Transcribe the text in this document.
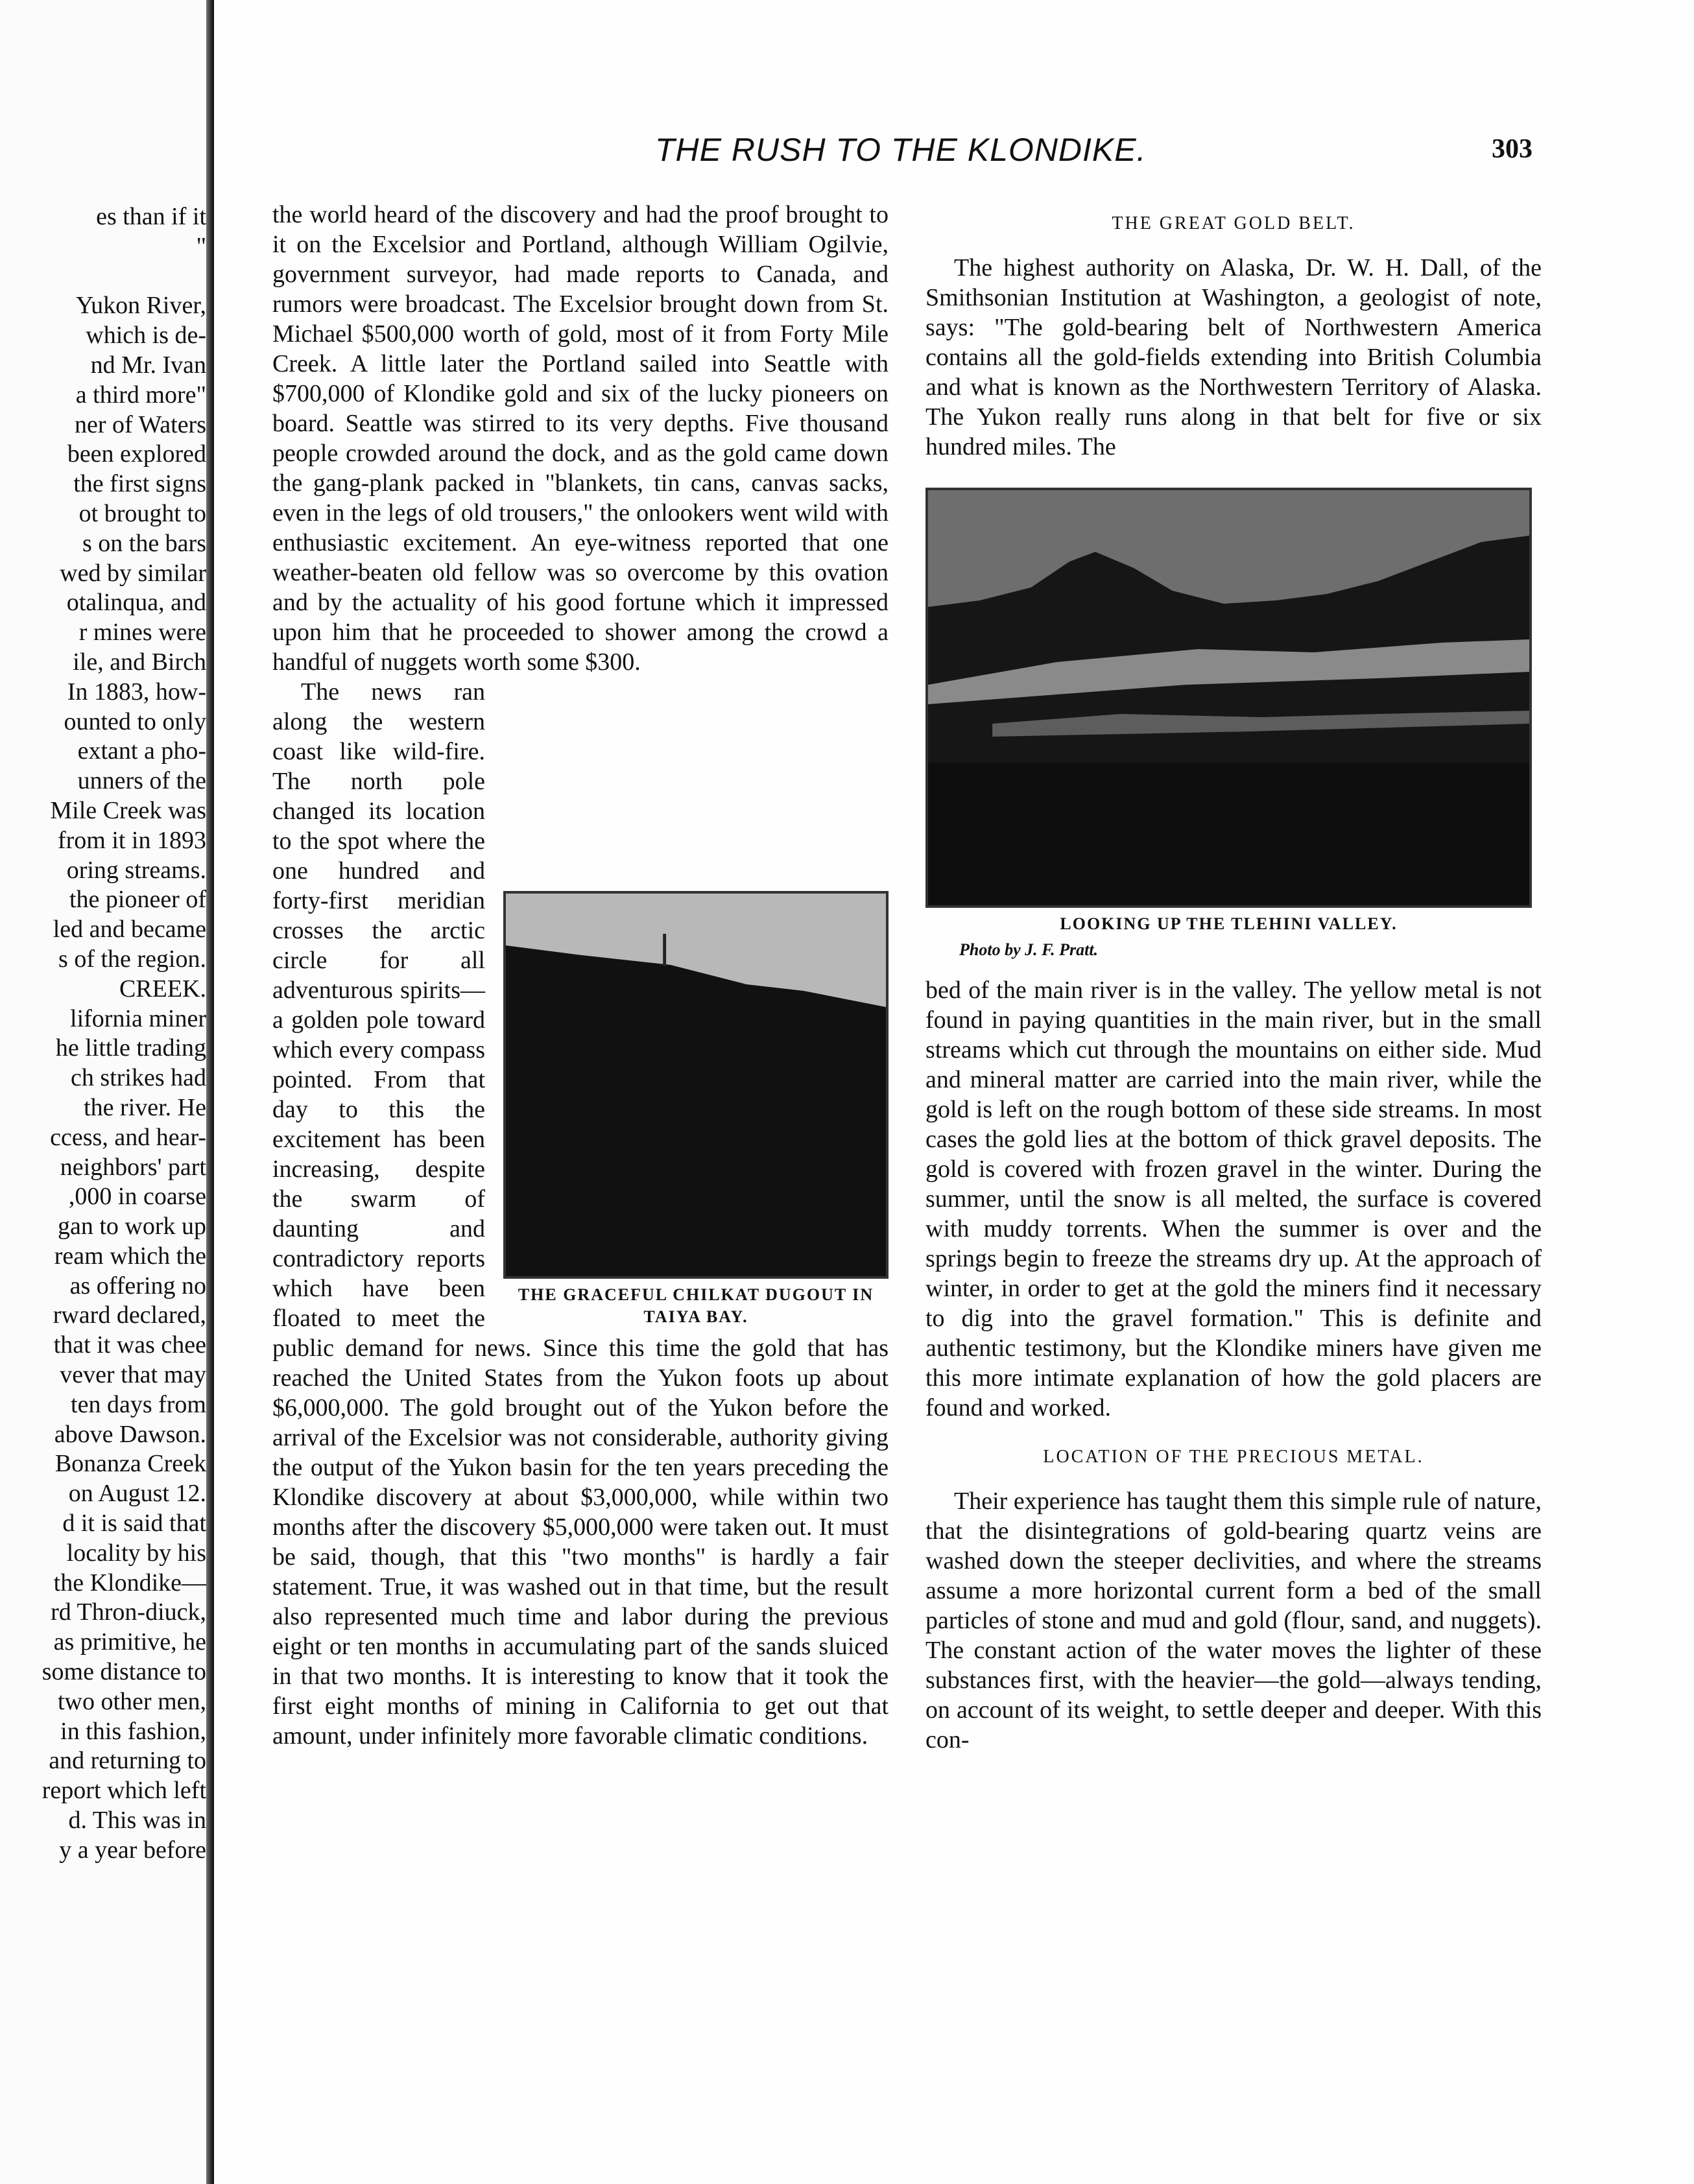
es than if it
"

Yukon River,
which is de-
nd Mr. Ivan
a third more"
ner of Waters
been explored
the first signs
ot brought to
s on the bars
wed by similar
otalinqua, and
r mines were
ile, and Birch
In 1883, how-
ounted to only
extant a pho-
unners of the
Mile Creek was
from it in 1893
oring streams.
the pioneer of
led and became
s of the region.
CREEK.
lifornia miner
he little trading
ch strikes had
the river. He
ccess, and hear-
neighbors' part
,000 in coarse
gan to work up
ream which the
as offering no
rward declared,
that it was chee
vever that may
ten days from
above Dawson.
Bonanza Creek
on August 12.
d it is said that
locality by his
the Klondike—
rd Thron-diuck,
as primitive, he
some distance to
two other men,
in this fashion,
and returning to
report which left
d. This was in
y a year before
THE RUSH TO THE KLONDIKE.	303

the world heard of the discovery and had the proof brought to it on the Excelsior and Portland, although William Ogilvie, government surveyor, had made reports to Canada, and rumors were broadcast. The Excelsior brought down from St. Michael $500,000 worth of gold, most of it from Forty Mile Creek. A little later the Portland sailed into Seattle with $700,000 of Klondike gold and six of the lucky pioneers on board. Seattle was stirred to its very depths. Five thousand people crowded around the dock, and as the gold came down the gang-plank packed in "blankets, tin cans, canvas sacks, even in the legs of old trousers," the onlookers went wild with enthusiastic excitement. An eye-witness reported that one weather-beaten old fellow was so overcome by this ovation and by the actuality of his good fortune which it impressed upon him that he proceeded to shower among the crowd a handful of nuggets worth some $300.

THE GRACEFUL CHILKAT DUGOUT IN TAIYA BAY.

The news ran along the western coast like wild-fire. The north pole changed its location to the spot where the one hundred and forty-first meridian crosses the arctic circle for all adventurous spirits—a golden pole toward which every compass pointed. From that day to this the excitement has been increasing, despite the swarm of daunting and contradictory reports which have been floated to meet the public demand for news. Since this time the gold that has reached the United States from the Yukon foots up about $6,000,000. The gold brought out of the Yukon before the arrival of the Excelsior was not considerable, authority giving the output of the Yukon basin for the ten years preceding the Klondike discovery at about $3,000,000, while within two months after the discovery $5,000,000 were taken out. It must be said, though, that this "two months" is hardly a fair statement. True, it was washed out in that time, but the result also represented much time and labor during the previous eight or ten months in accumulating part of the sands sluiced in that two months. It is interesting to know that it took the first eight months of mining in California to get out that amount, under infinitely more favorable climatic conditions.

THE GREAT GOLD BELT.

The highest authority on Alaska, Dr. W. H. Dall, of the Smithsonian Institution at Washington, a geologist of note, says: "The gold-bearing belt of Northwestern America contains all the gold-fields extending into British Columbia and what is known as the Northwestern Territory of Alaska. The Yukon really runs along in that belt for five or six hundred miles. The

LOOKING UP THE TLEHINI VALLEY.
Photo by J. F. Pratt.

bed of the main river is in the valley. The yellow metal is not found in paying quantities in the main river, but in the small streams which cut through the mountains on either side. Mud and mineral matter are carried into the main river, while the gold is left on the rough bottom of these side streams. In most cases the gold lies at the bottom of thick gravel deposits. The gold is covered with frozen gravel in the winter. During the summer, until the snow is all melted, the surface is covered with muddy torrents. When the summer is over and the springs begin to freeze the streams dry up. At the approach of winter, in order to get at the gold the miners find it necessary to dig into the gravel formation." This is definite and authentic testimony, but the Klondike miners have given me this more intimate explanation of how the gold placers are found and worked.

LOCATION OF THE PRECIOUS METAL.

Their experience has taught them this simple rule of nature, that the disintegrations of gold-bearing quartz veins are washed down the steeper declivities, and where the streams assume a more horizontal current form a bed of the small particles of stone and mud and gold (flour, sand, and nuggets). The constant action of the water moves the lighter of these substances first, with the heavier—the gold—always tending, on account of its weight, to settle deeper and deeper. With this con-
